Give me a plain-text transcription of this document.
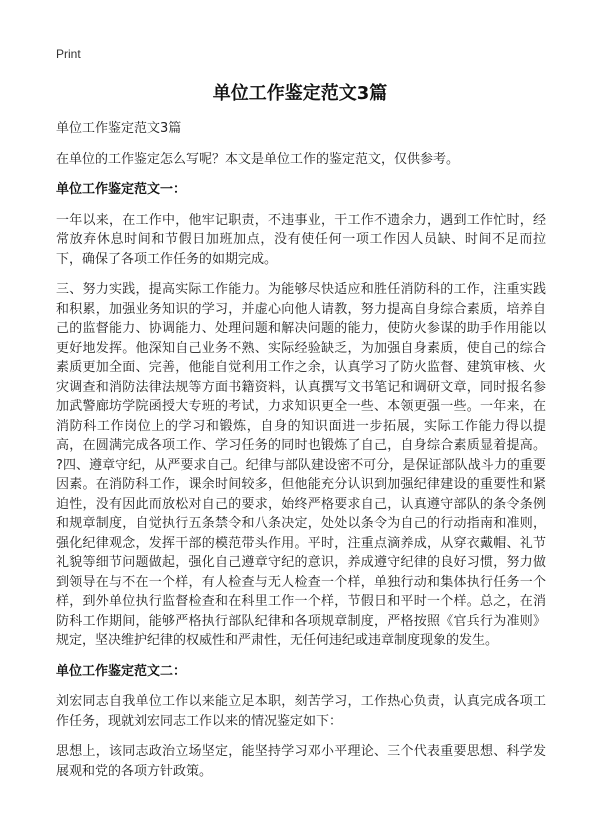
Print
单位工作鉴定范文3篇

单位工作鉴定范文3篇

在单位的工作鉴定怎么写呢？本文是单位工作的鉴定范文，仅供参考。

单位工作鉴定范文一：

一年以来，在工作中，他牢记职责，不违事业，干工作不遗余力，遇到工作忙时，经常放弃休息时间和节假日加班加点，没有使任何一项工作因人员缺、时间不足而拉下，确保了各项工作任务的如期完成。

三、努力实践，提高实际工作能力。为能够尽快适应和胜任消防科的工作，注重实践和积累，加强业务知识的学习，并虚心向他人请教，努力提高自身综合素质，培养自己的监督能力、协调能力、处理问题和解决问题的能力，使防火参谋的助手作用能以更好地发挥。他深知自己业务不熟、实际经验缺乏，为加强自身素质，使自己的综合素质更加全面、完善，他能自觉利用工作之余，认真学习了防火监督、建筑审核、火灾调查和消防法律法规等方面书籍资料，认真撰写文书笔记和调研文章，同时报名参加武警廊坊学院函授大专班的考试，力求知识更全一些、本领更强一些。一年来，在消防科工作岗位上的学习和锻炼，自身的知识面进一步拓展，实际工作能力得以提高，在圆满完成各项工作、学习任务的同时也锻炼了自己，自身综合素质显着提高。 ?四、遵章守纪，从严要求自己。纪律与部队建设密不可分，是保证部队战斗力的重要因素。在消防科工作，课余时间较多，但他能充分认识到加强纪律建设的重要性和紧迫性，没有因此而放松对自己的要求，始终严格要求自己，认真遵守部队的条令条例和规章制度，自觉执行五条禁令和八条决定，处处以条令为自己的行动指南和准则，强化纪律观念，发挥干部的模范带头作用。平时，注重点滴养成，从穿衣戴帽、礼节礼貌等细节问题做起，强化自己遵章守纪的意识，养成遵守纪律的良好习惯，努力做到领导在与不在一个样，有人检查与无人检查一个样，单独行动和集体执行任务一个样，到外单位执行监督检查和在科里工作一个样，节假日和平时一个样。总之，在消防科工作期间，能够严格执行部队纪律和各项规章制度，严格按照《官兵行为准则》规定，坚决维护纪律的权威性和严肃性，无任何违纪或违章制度现象的发生。

单位工作鉴定范文二：

刘宏同志自我单位工作以来能立足本职，刻苦学习，工作热心负责，认真完成各项工作任务，现就刘宏同志工作以来的情况鉴定如下：

思想上，该同志政治立场坚定，能坚持学习邓小平理论、三个代表重要思想、科学发展观和党的各项方针政策。
